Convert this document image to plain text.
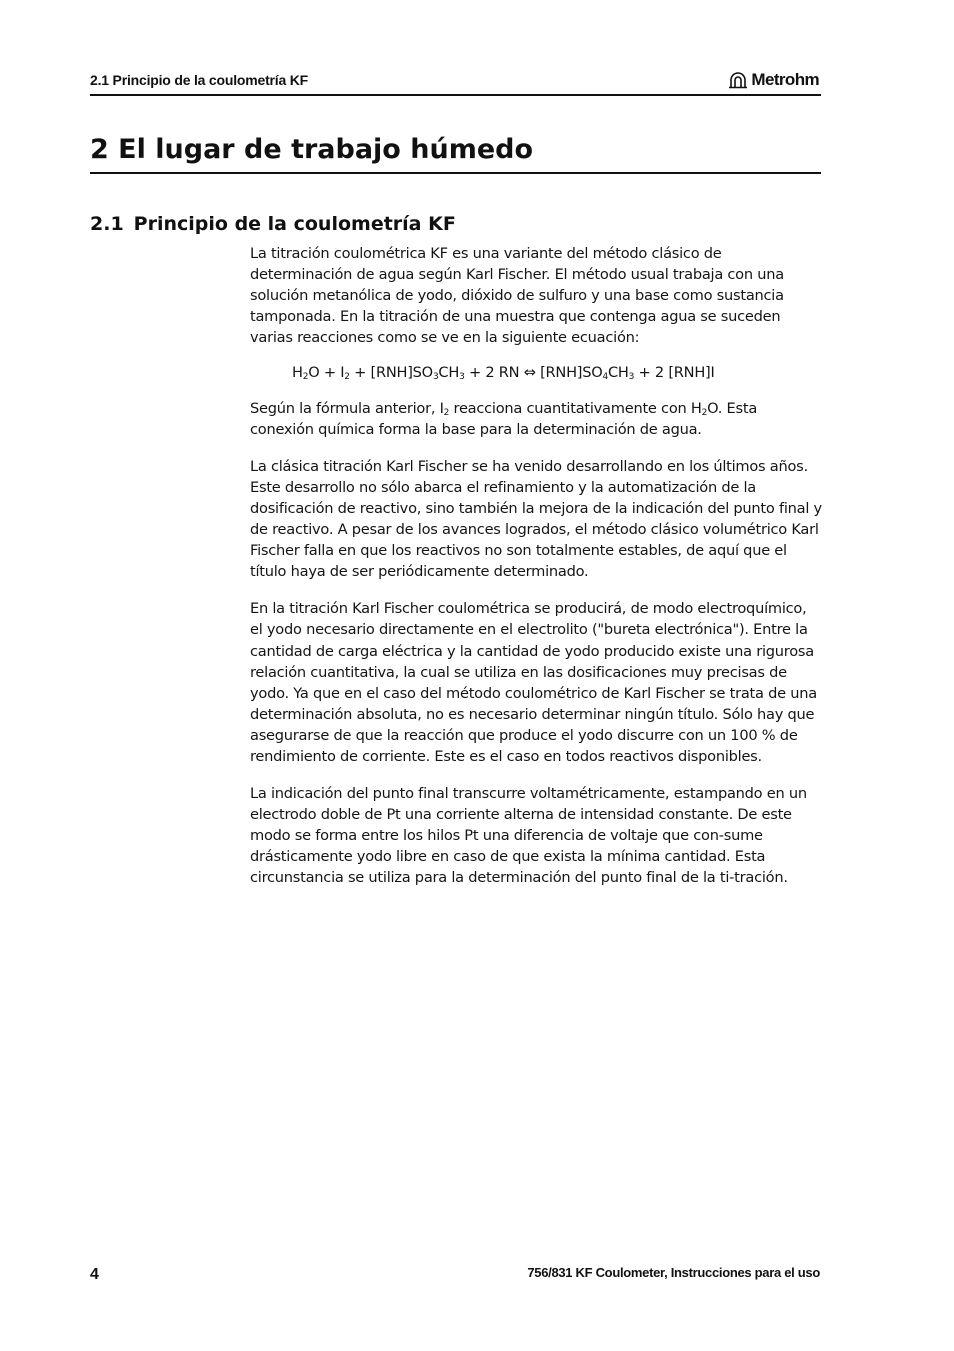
2.1 Principio de la coulometría KF	Metrohm
2 El lugar de trabajo húmedo
2.1 Principio de la coulometría KF

La titración coulométrica KF es una variante del método clásico de determinación de agua según Karl Fischer. El método usual trabaja con una solución metanólica de yodo, dióxido de sulfuro y una base como sustancia tamponada. En la titración de una muestra que contenga agua se suceden varias reacciones como se ve en la siguiente ecuación:

$H_2O + I_2 + [RNH]SO_3CH_3 + 2$ RN ⇔ $[RNH]SO_4CH_3 + 2$ [RNH]I

Según la fórmula anterior, $I_2$ reacciona cuantitativamente con $H_2O$. Esta conexión química forma la base para la determinación de agua.

La clásica titración Karl Fischer se ha venido desarrollando en los últimos años. Este desarrollo no sólo abarca el refinamiento y la automatización de la dosificación de reactivo, sino también la mejora de la indicación del punto final y de reactivo. A pesar de los avances logrados, el método clásico volumétrico Karl Fischer falla en que los reactivos no son totalmente estables, de aquí que el título haya de ser periódicamente determinado.

En la titración Karl Fischer coulométrica se producirá, de modo electroquímico, el yodo necesario directamente en el electrolito ("bureta electrónica"). Entre la cantidad de carga eléctrica y la cantidad de yodo producido existe una rigurosa relación cuantitativa, la cual se utiliza en las dosificaciones muy precisas de yodo. Ya que en el caso del método coulométrico de Karl Fischer se trata de una determinación absoluta, no es necesario determinar ningún título. Sólo hay que asegurarse de que la reacción que produce el yodo discurre con un 100 % de rendimiento de corriente. Este es el caso en todos reactivos disponibles.

La indicación del punto final transcurre voltamétricamente, estampando en un electrodo doble de Pt una corriente alterna de intensidad constante. De este modo se forma entre los hilos Pt una diferencia de voltaje que con-sume drásticamente yodo libre en caso de que exista la mínima cantidad. Esta circunstancia se utiliza para la determinación del punto final de la ti-tración.

4	756/831 KF Coulometer, Instrucciones para el uso
